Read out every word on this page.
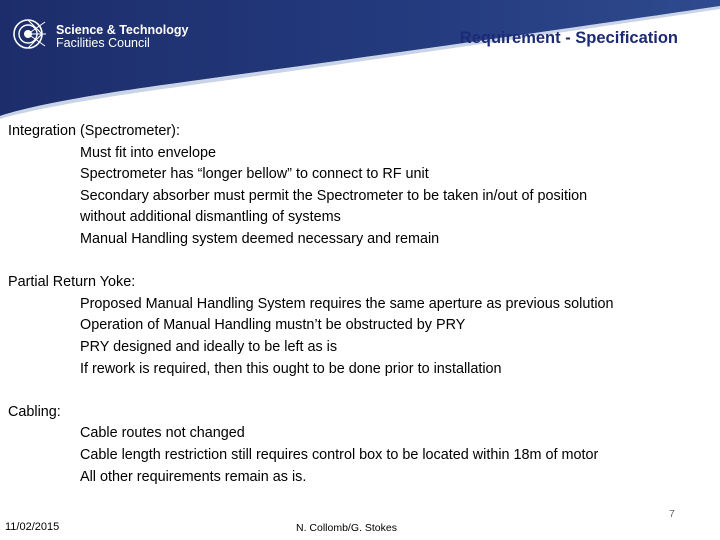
Science & Technology
Facilities Council	Requirement - Specification
Integration (Spectrometer):
Must fit into envelope
Spectrometer has “longer bellow” to connect to RF unit
Secondary absorber must permit the Spectrometer to be taken in/out of position
without additional dismantling of systems
Manual Handling system deemed necessary and remain
Partial Return Yoke:
Proposed Manual Handling System requires the same aperture as previous solution
Operation of Manual Handling mustn’t be obstructed by PRY
PRY designed and ideally to be left as is
If rework is required, then this ought to be done prior to installation
Cabling:
Cable routes not changed
Cable length restriction still requires control box to be located within 18m of motor
All other requirements remain as is.
7
11/02/2015	N. Collomb/G. Stokes
